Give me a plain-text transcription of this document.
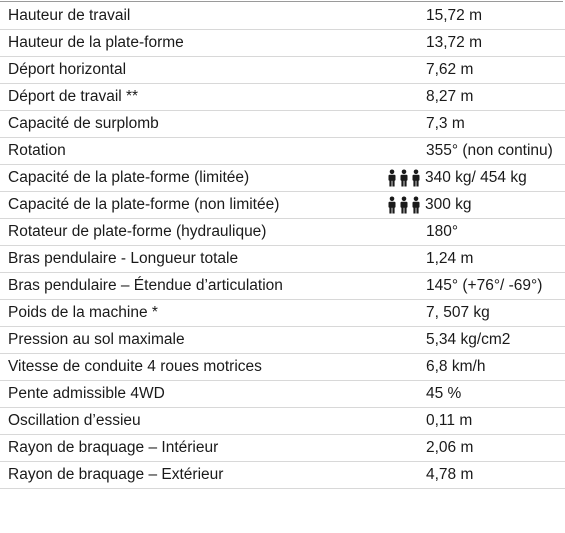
Hauteur de travail	15,72 m
Hauteur de la plate-forme	13,72 m
Déport horizontal	7,62 m
Déport de travail **	8,27 m
Capacité de surplomb	7,3 m
Rotation	355° (non continu)
Capacité de la plate-forme (limitée)	340 kg/ 454 kg
Capacité de la plate-forme (non limitée)	300 kg
Rotateur de plate-forme (hydraulique)	180°
Bras pendulaire - Longueur totale	1,24 m
Bras pendulaire – Étendue d’articulation	145° (+76°/ -69°)
Poids de la machine *	7, 507 kg
Pression au sol maximale	5,34 kg/cm2
Vitesse de conduite 4 roues motrices	6,8 km/h
Pente admissible 4WD	45 %
Oscillation d’essieu	0,11 m
Rayon de braquage – Intérieur	2,06 m
Rayon de braquage – Extérieur	4,78 m
